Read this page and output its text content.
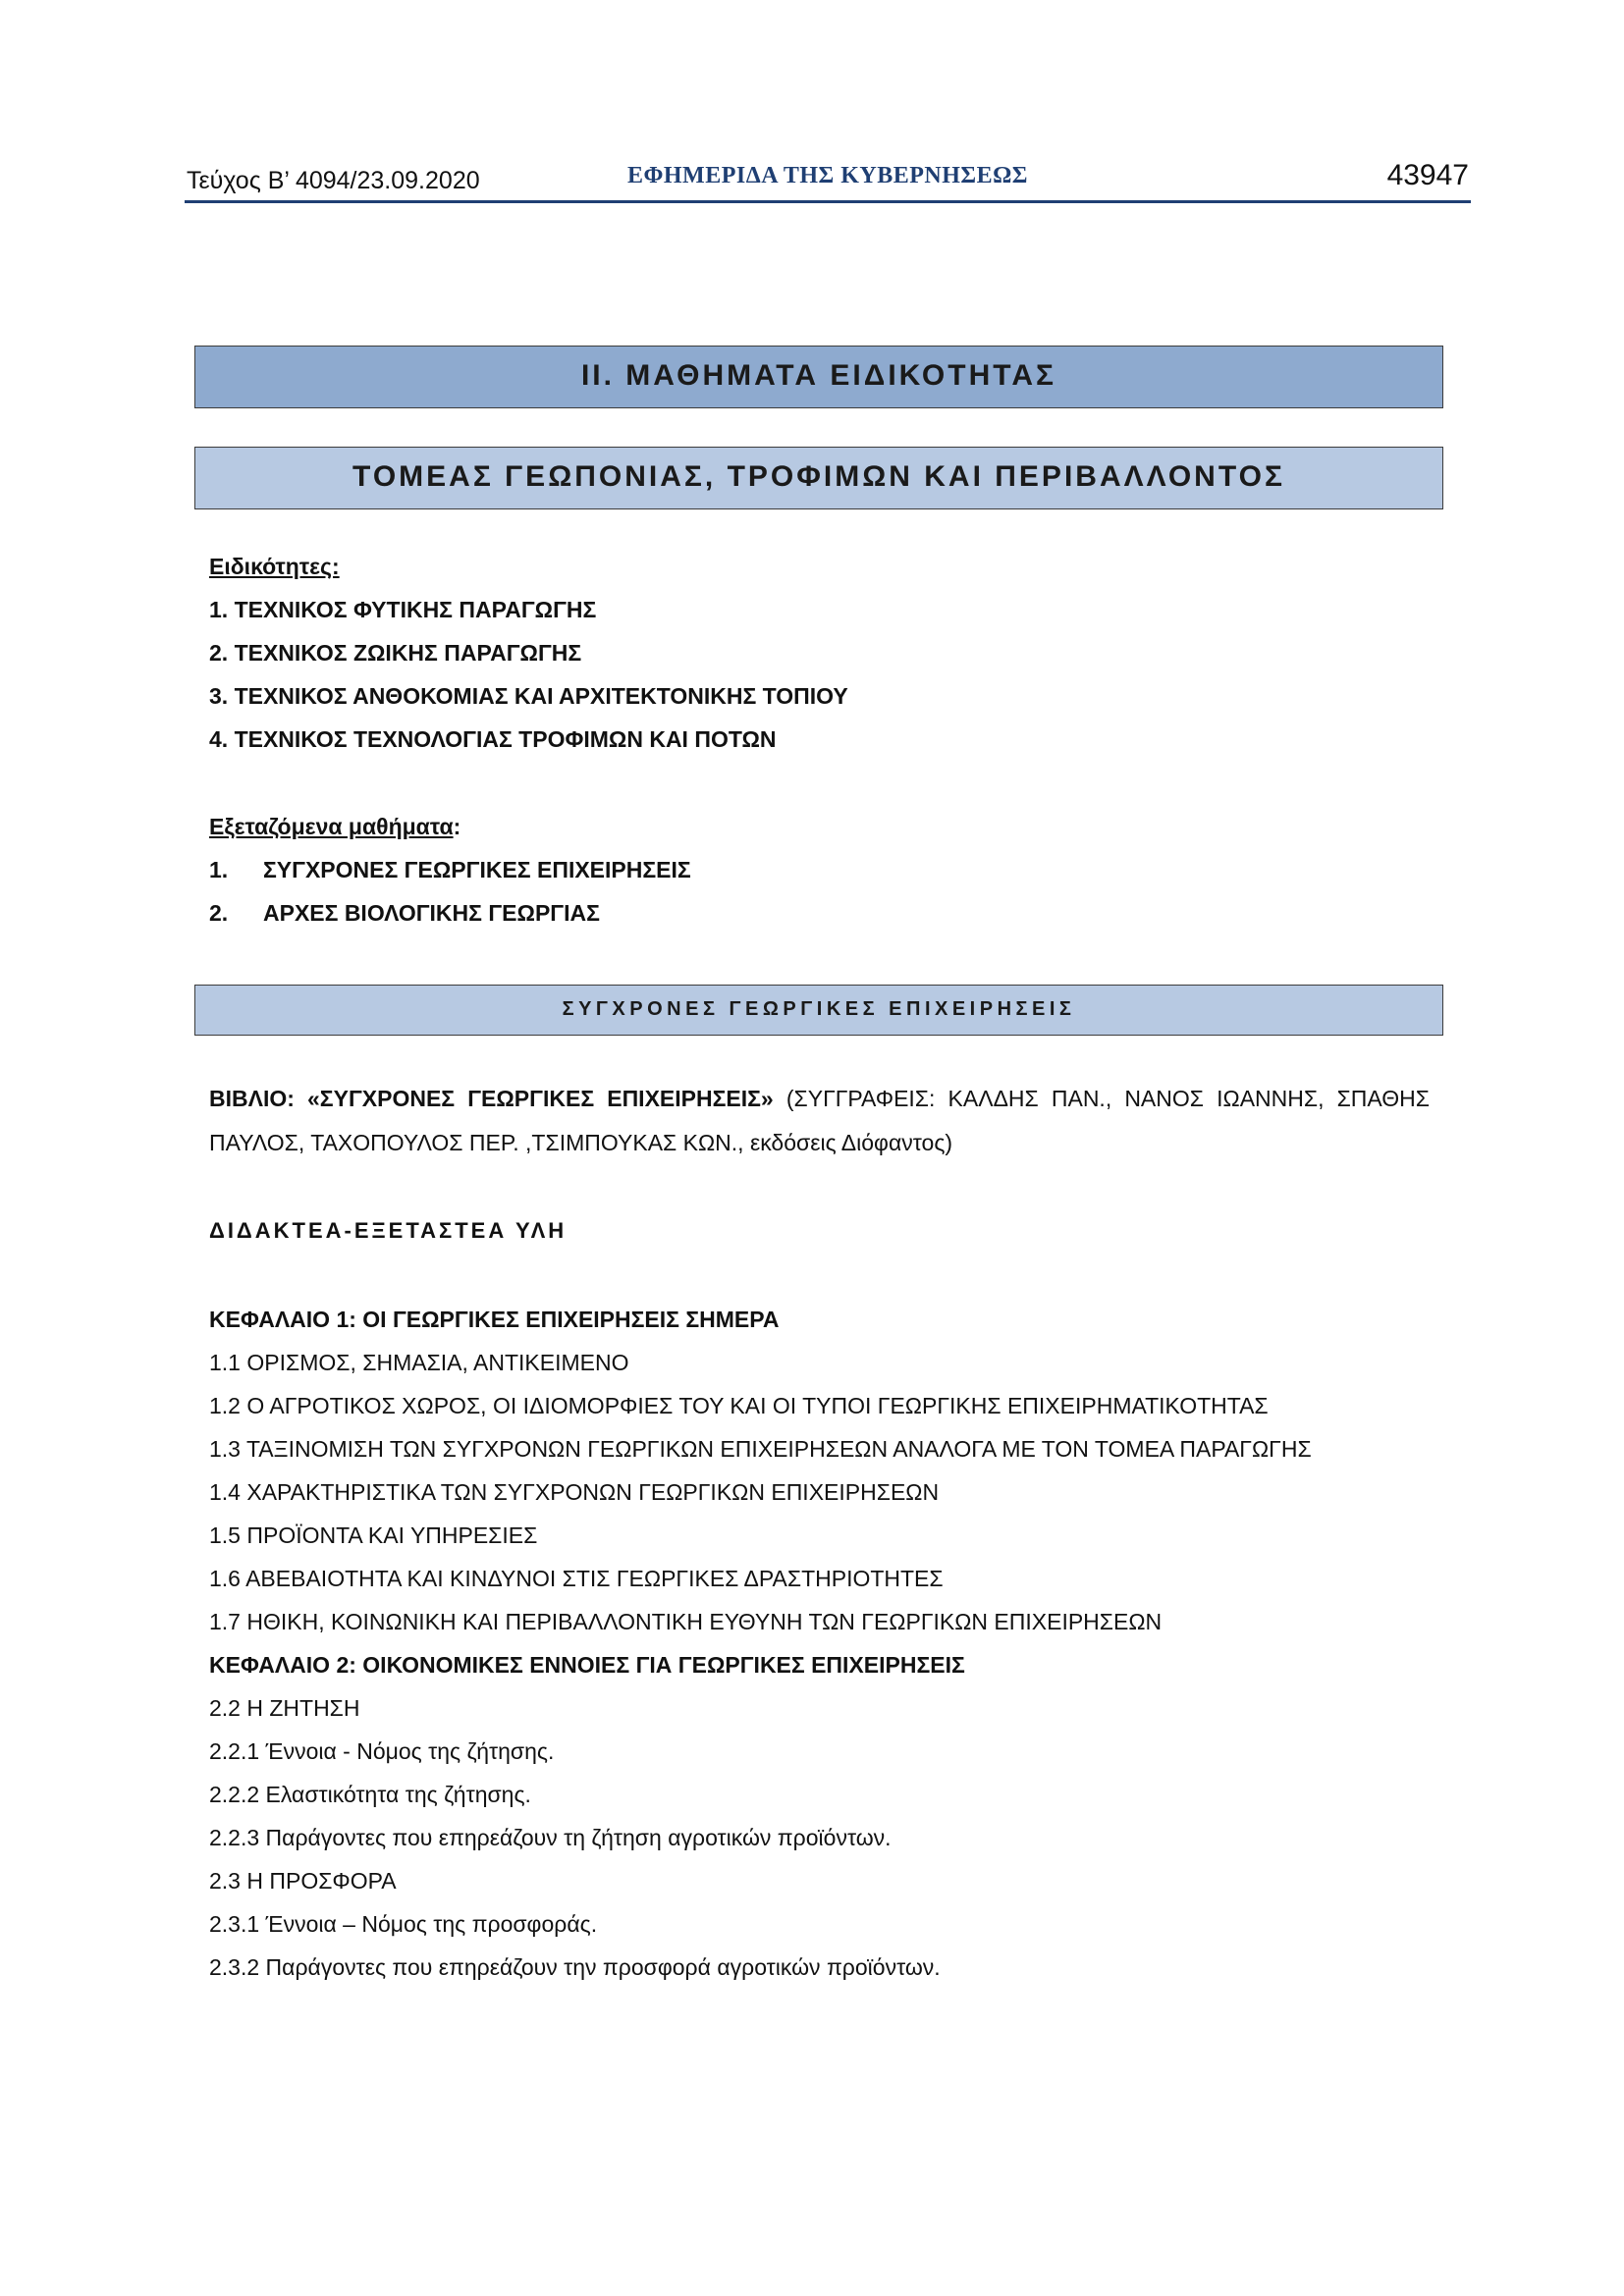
Τεύχος Β’ 4094/23.09.2020	ΕΦΗΜΕΡΙΔΑ ΤΗΣ ΚΥΒΕΡΝΗΣΕΩΣ	43947
ΙΙ. ΜΑΘΗΜΑΤΑ ΕΙΔΙΚΟΤΗΤΑΣ
ΤΟΜΕΑΣ ΓΕΩΠΟΝΙΑΣ, ΤΡΟΦΙΜΩΝ ΚΑΙ ΠΕΡΙΒΑΛΛΟΝΤΟΣ
Ειδικότητες:
1. ΤΕΧΝΙΚΟΣ ΦΥΤΙΚΗΣ ΠΑΡΑΓΩΓΗΣ
2. ΤΕΧΝΙΚΟΣ ΖΩΙΚΗΣ ΠΑΡΑΓΩΓΗΣ
3. ΤΕΧΝΙΚΟΣ ΑΝΘΟΚΟΜΙΑΣ ΚΑΙ ΑΡΧΙΤΕΚΤΟΝΙΚΗΣ ΤΟΠΙΟΥ
4. ΤΕΧΝΙΚΟΣ ΤΕΧΝΟΛΟΓΙΑΣ ΤΡΟΦΙΜΩΝ ΚΑΙ ΠΟΤΩΝ
Εξεταζόμενα μαθήματα:
1. ΣΥΓΧΡΟΝΕΣ ΓΕΩΡΓΙΚΕΣ ΕΠΙΧΕΙΡΗΣΕΙΣ
2. ΑΡΧΕΣ ΒΙΟΛΟΓΙΚΗΣ ΓΕΩΡΓΙΑΣ
ΣΥΓΧΡΟΝΕΣ ΓΕΩΡΓΙΚΕΣ ΕΠΙΧΕΙΡΗΣΕΙΣ
ΒΙΒΛΙΟ: «ΣΥΓΧΡΟΝΕΣ ΓΕΩΡΓΙΚΕΣ ΕΠΙΧΕΙΡΗΣΕΙΣ» (ΣΥΓΓΡΑΦΕΙΣ: ΚΑΛΔΗΣ ΠΑΝ., ΝΑΝΟΣ ΙΩΑΝΝΗΣ, ΣΠΑΘΗΣ ΠΑΥΛΟΣ, ΤΑΧΟΠΟΥΛΟΣ ΠΕΡ. ,ΤΣΙΜΠΟΥΚΑΣ ΚΩΝ., εκδόσεις Διόφαντος)
ΔΙΔΑΚΤΕΑ-ΕΞΕΤΑΣΤΕΑ ΥΛΗ
ΚΕΦΑΛΑΙΟ 1: ΟΙ ΓΕΩΡΓΙΚΕΣ ΕΠΙΧΕΙΡΗΣΕΙΣ ΣΗΜΕΡΑ
1.1 ΟΡΙΣΜΟΣ, ΣΗΜΑΣΙΑ, ΑΝΤΙΚΕΙΜΕΝΟ
1.2 Ο ΑΓΡΟΤΙΚΟΣ ΧΩΡΟΣ, ΟΙ ΙΔΙΟΜΟΡΦΙΕΣ ΤΟΥ ΚΑΙ ΟΙ ΤΥΠΟΙ ΓΕΩΡΓΙΚΗΣ ΕΠΙΧΕΙΡΗΜΑΤΙΚΟΤΗΤΑΣ
1.3 ΤΑΞΙΝΟΜΙΣΗ ΤΩΝ ΣΥΓΧΡΟΝΩΝ ΓΕΩΡΓΙΚΩΝ ΕΠΙΧΕΙΡΗΣΕΩΝ ΑΝΑΛΟΓΑ ΜΕ ΤΟΝ ΤΟΜΕΑ ΠΑΡΑΓΩΓΗΣ
1.4 ΧΑΡΑΚΤΗΡΙΣΤΙΚΑ ΤΩΝ ΣΥΓΧΡΟΝΩΝ ΓΕΩΡΓΙΚΩΝ ΕΠΙΧΕΙΡΗΣΕΩΝ
1.5 ΠΡΟΪΟΝΤΑ ΚΑΙ ΥΠΗΡΕΣΙΕΣ
1.6 ΑΒΕΒΑΙΟΤΗΤΑ ΚΑΙ ΚΙΝΔΥΝΟΙ ΣΤΙΣ ΓΕΩΡΓΙΚΕΣ ΔΡΑΣΤΗΡΙΟΤΗΤΕΣ
1.7 ΗΘΙΚΗ, ΚΟΙΝΩΝΙΚΗ ΚΑΙ ΠΕΡΙΒΑΛΛΟΝΤΙΚΗ ΕΥΘΥΝΗ ΤΩΝ ΓΕΩΡΓΙΚΩΝ ΕΠΙΧΕΙΡΗΣΕΩΝ
ΚΕΦΑΛΑΙΟ 2: ΟΙΚΟΝΟΜΙΚΕΣ ΕΝΝΟΙΕΣ ΓΙΑ ΓΕΩΡΓΙΚΕΣ ΕΠΙΧΕΙΡΗΣΕΙΣ
2.2 Η ΖΗΤΗΣΗ
2.2.1 Έννοια - Νόμος της ζήτησης.
2.2.2 Ελαστικότητα της ζήτησης.
2.2.3 Παράγοντες που επηρεάζουν τη ζήτηση αγροτικών προϊόντων.
2.3 Η ΠΡΟΣΦΟΡΑ
2.3.1 Έννοια – Νόμος της προσφοράς.
2.3.2 Παράγοντες που επηρεάζουν την προσφορά αγροτικών προϊόντων.
